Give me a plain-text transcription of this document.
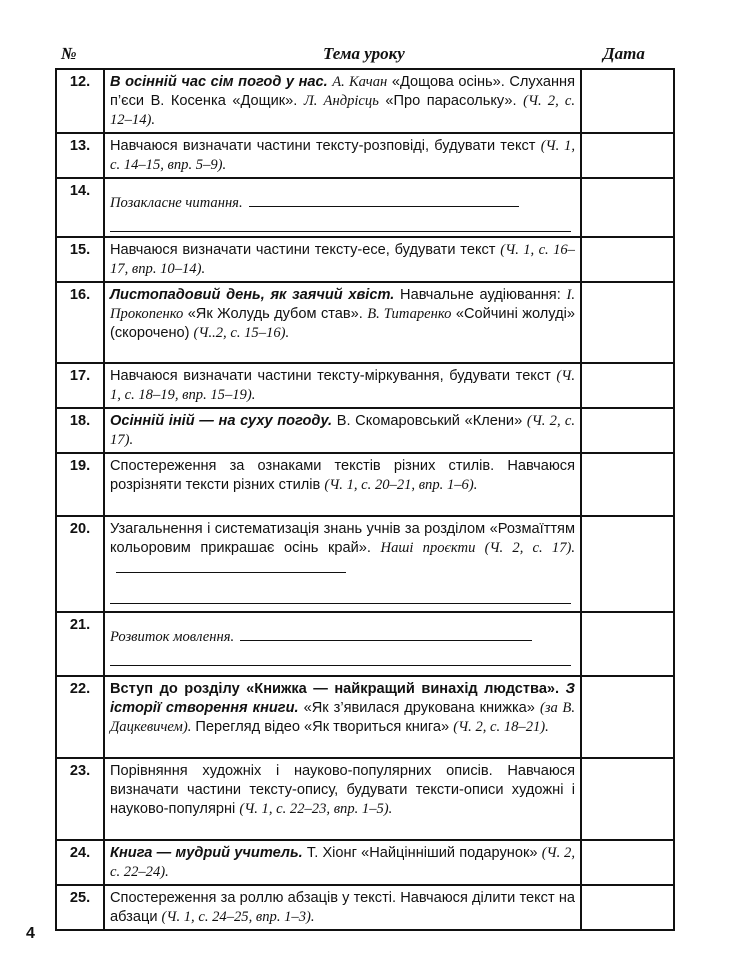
№	Тема уроку	Дата
12.	В осінній час сім погод у нас. А. Качан «Дощова осінь». Слухання п’єси В. Косенка «Дощик». Л. Андрісць «Про парасольку». (Ч. 2, с. 12–14).	
13.	Навчаюся визначати частини тексту-розповіді, будувати текст (Ч. 1, с. 14–15, впр. 5–9).	
14.	Позакласне читання.	

15.	Навчаюся визначати частини тексту-есе, будувати текст (Ч. 1, с. 16–17, впр. 10–14).	
16.	Листопадовий день, як заячий хвіст. Навчальне аудіювання: І. Прокопенко «Як Жолудь дубом став». В. Титаренко «Сойчині жолуді» (скорочено) (Ч..2, с. 15–16).	
17.	Навчаюся визначати частини тексту-міркування, будувати текст (Ч. 1, с. 18–19, впр. 15–19).	
18.	Осінній іній — на суху погоду. В. Скомаровський «Клени» (Ч. 2, с. 17).	
19.	Спостереження за ознаками текстів різних стилів. Навчаюся розрізняти тексти різних стилів (Ч. 1, с. 20–21, впр. 1–6).	
20.	Узагальнення і систематизація знань учнів за розділом «Розмаїттям кольоровим прикрашає осінь край». Наші проєкти (Ч. 2, с. 17).

21.	Розвиток мовлення.	

22.	Вступ до розділу «Книжка — найкращий винахід людства». З історії створення книги. «Як з’явилася друкована книжка» (за В. Дацкевичем). Перегляд відео «Як твориться книга» (Ч. 2, с. 18–21).	
23.	Порівняння художніх і науково-популярних описів. Навчаюся визначати частини тексту-опису, будувати тексти-описи художні і науково-популярні (Ч. 1, с. 22–23, впр. 1–5).	
24.	Книга — мудрий учитель. Т. Хіонг «Найцінніший подарунок» (Ч. 2, с. 22–24).	
25.	Спостереження за роллю абзаців у тексті. Навчаюся ділити текст на абзаци (Ч. 1, с. 24–25, впр. 1–3).	
4
